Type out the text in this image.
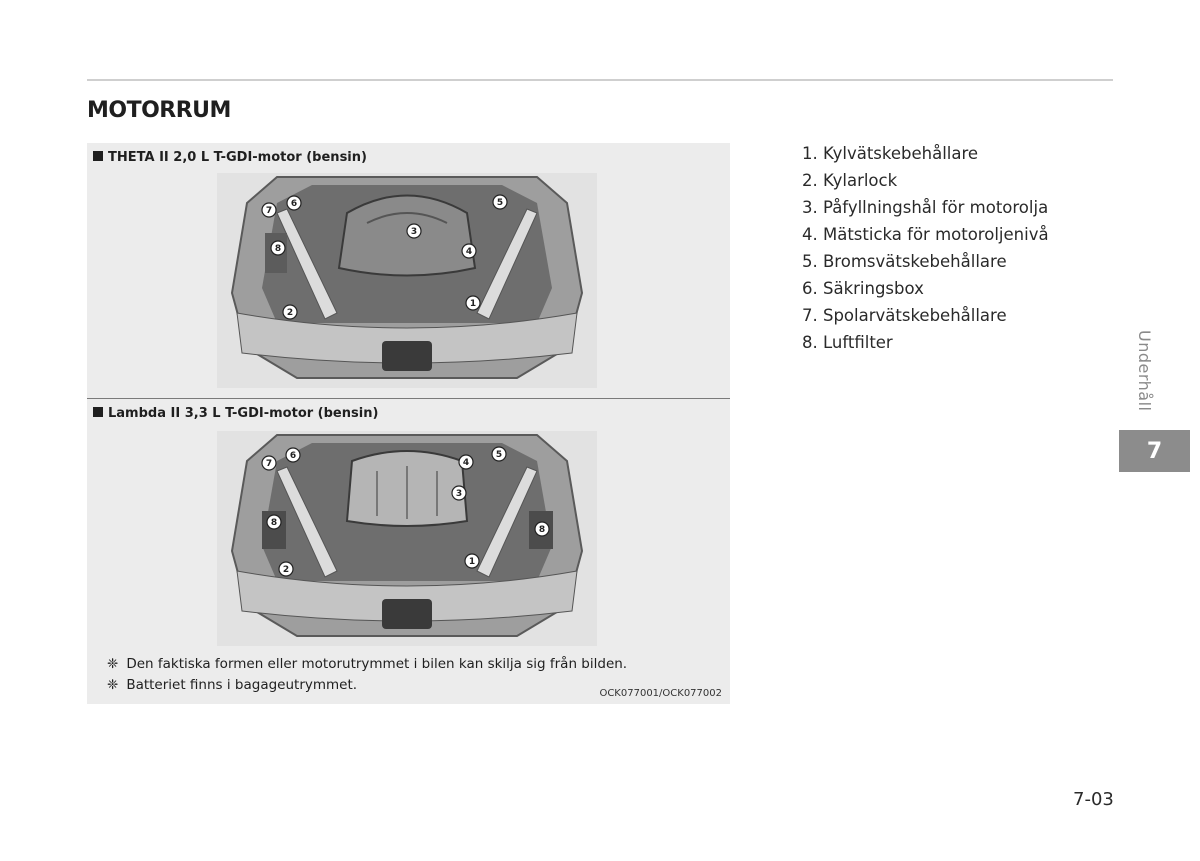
MOTORRUM
THETA II 2,0 L T-GDI-motor (bensin)
3
4
1
5
6
7
8
2
Lambda II 3,3 L T-GDI-motor (bensin)
6
7	4
5
3
8
8
1
2
❈ Den faktiska formen eller motorutrymmet i bilen kan skilja sig från bilden.
❈ Batteriet finns i bagageutrymmet.
OCK077001/OCK077002
1. Kylvätskebehållare
2. Kylarlock
3. Påfyllningshål för motorolja
4. Mätsticka för motoroljenivå
5. Bromsvätskebehållare
6. Säkringsbox
7. Spolarvätskebehållare
8. Luftfilter	Underhåll
7
7-03
